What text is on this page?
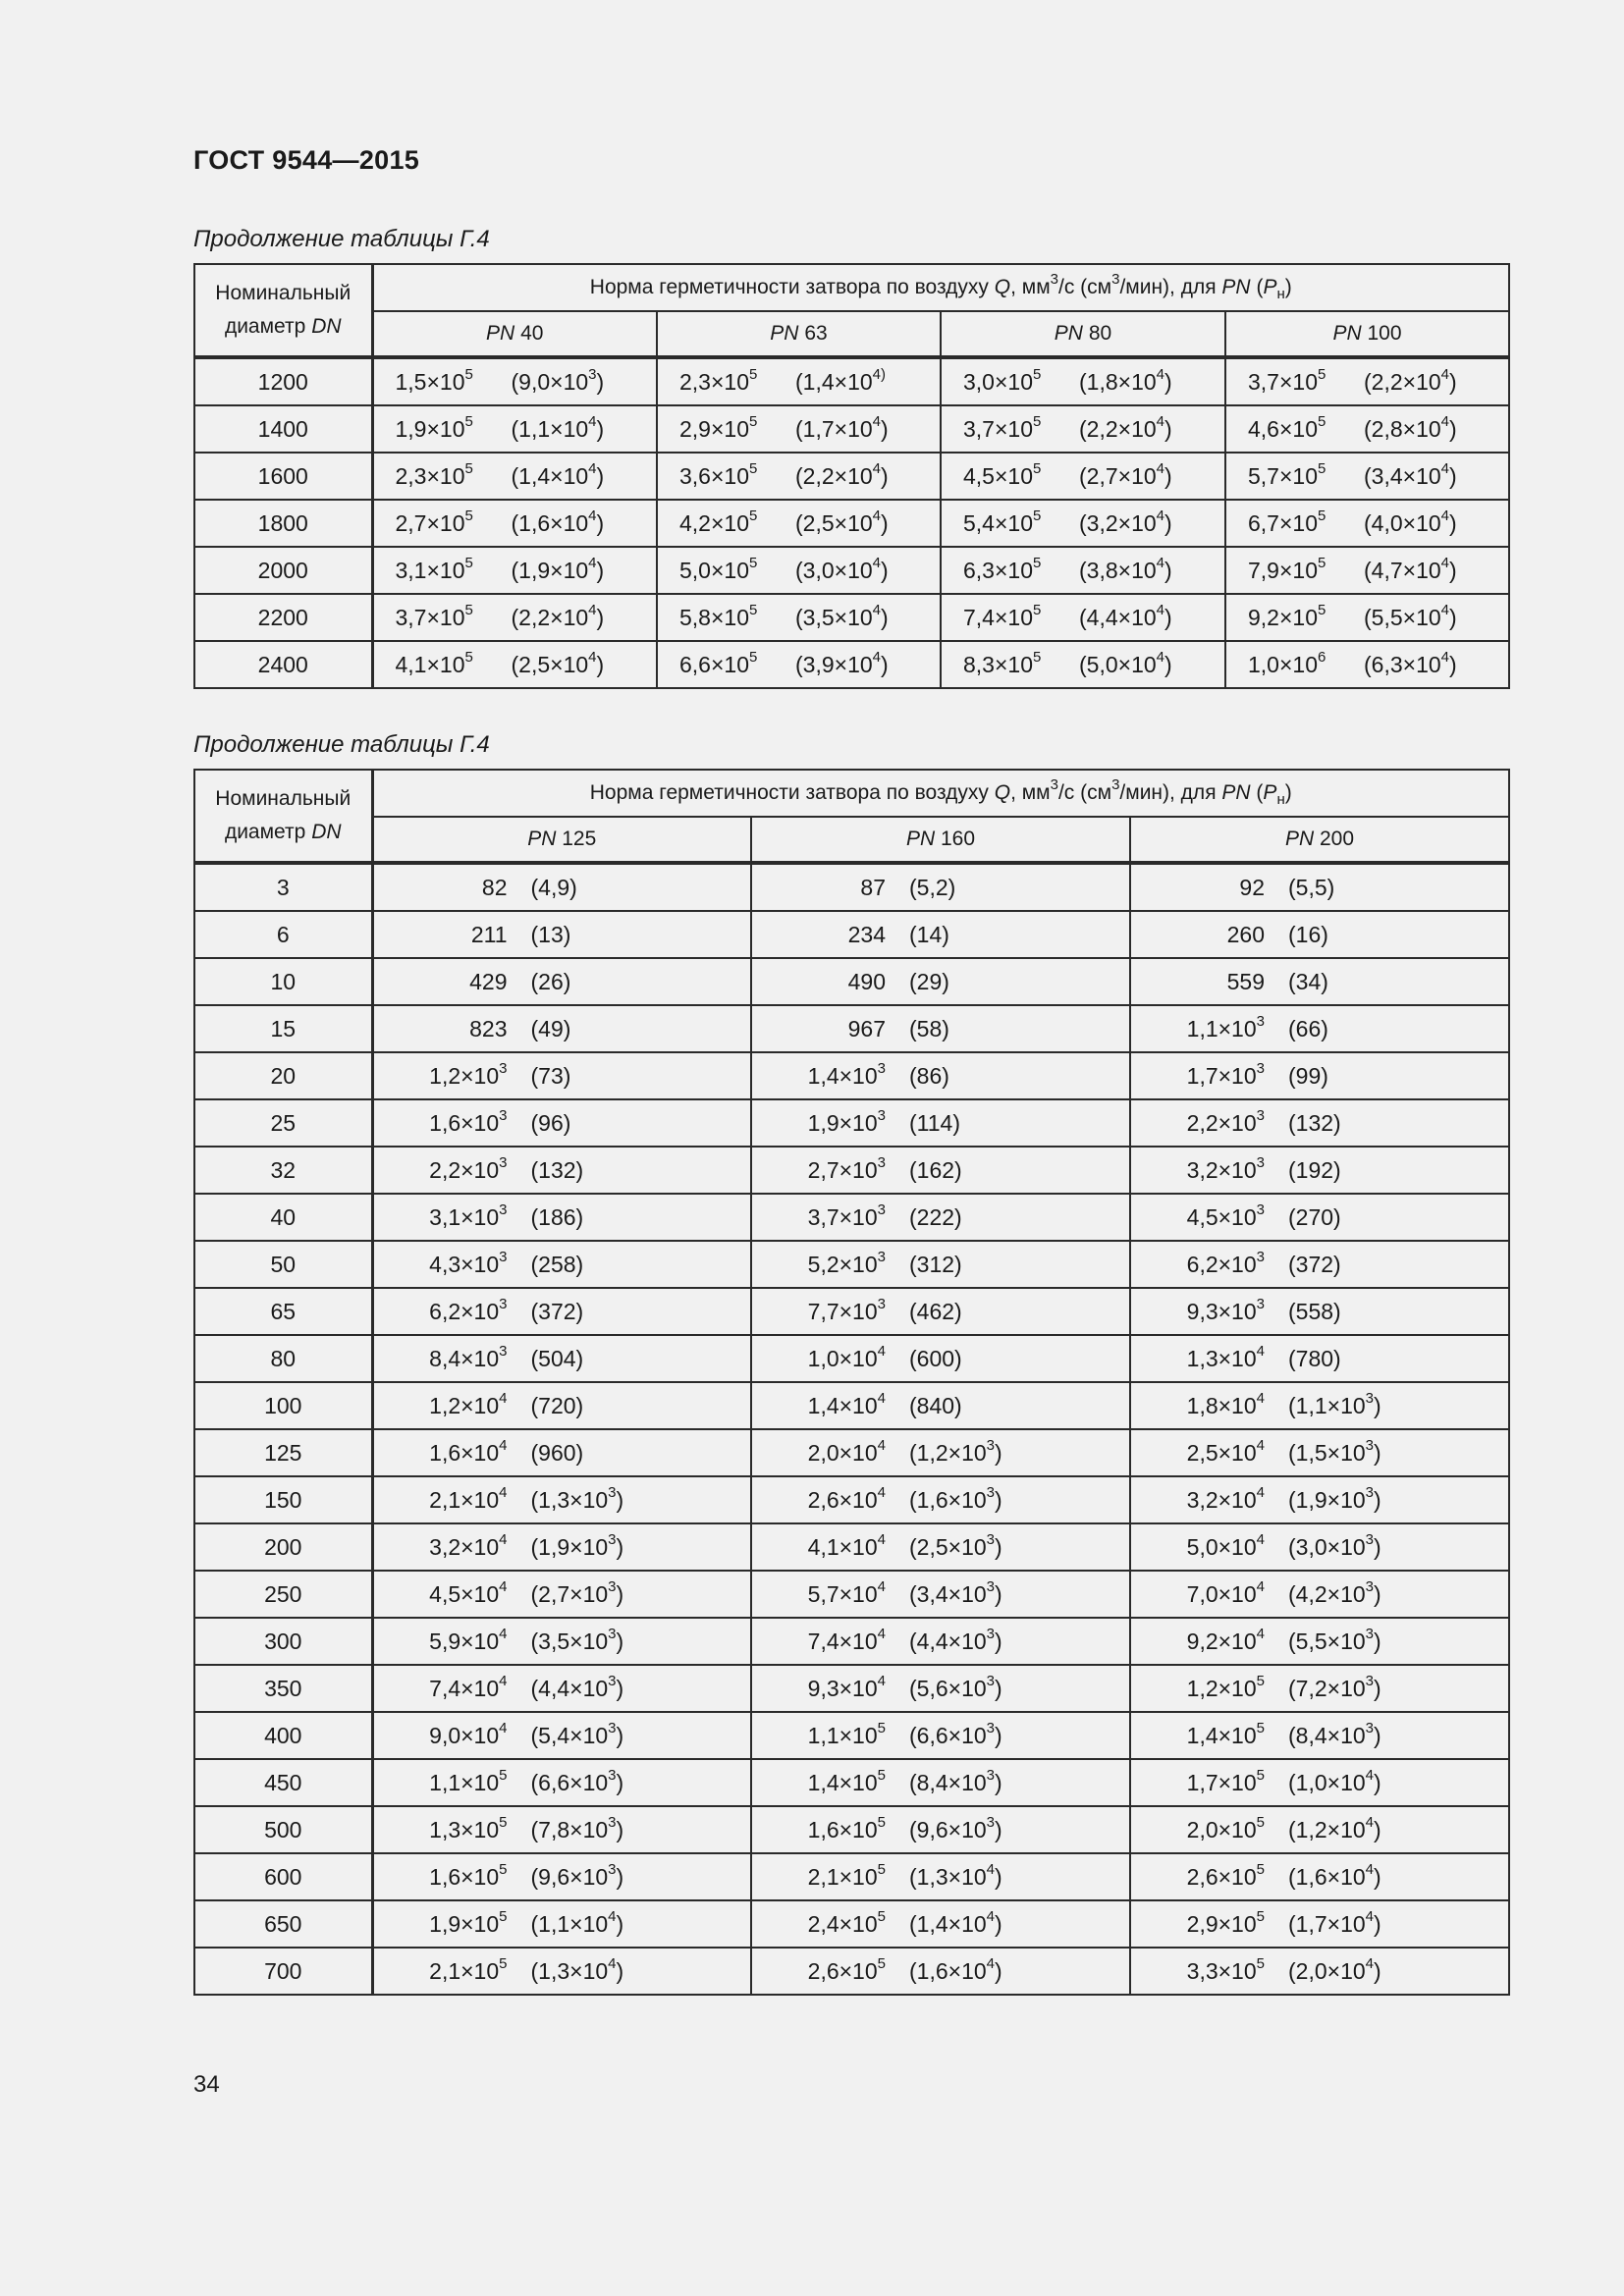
ГОСТ 9544—2015
Продолжение таблицы Г.4
Номинальный
диаметр DN	Норма герметичности затвора по воздуху Q, $мм^3/с$ $(см^3/мин)$, для PN $(P_н)$			
	PN 40	PN 63	PN 80	PN 100
1200	$1,5\times 10^5$ $(9,0\times 10^3)$	$2,3\times 10^5$ ($1,4\times 10^{4)}$	$3,0\times 10^5$ $(1,8\times 10^4)$	$3,7\times 10^5$ $(2,2\times 10^4)$

1400	$1,9\times 10^5$ $(1,1\times 10^4)$	$2,9\times 10^5$ $(1,7\times 10^4)$	$3,7\times 10^5$ $(2,2\times 10^4)$	$4,6\times 10^5$ $(2,8\times 10^4)$

1600	$2,3\times 10^5$ $(1,4\times 10^4)$	$3,6\times 10^5$ $(2,2\times 10^4)$	$4,5\times 10^5$ $(2,7\times 10^4)$	$5,7\times 10^5$ $(3,4\times 10^4)$

1800	$2,7\times 10^5$ $(1,6\times 10^4)$	$4,2\times 10^5$ $(2,5\times 10^4)$	$5,4\times 10^5$ $(3,2\times 10^4)$	$6,7\times 10^5$ $(4,0\times 10^4)$

2000	$3,1\times 10^5$ $(1,9\times 10^4)$	$5,0\times 10^5$ $(3,0\times 10^4)$	$6,3\times 10^5$ $(3,8\times 10^4)$	$7,9\times 10^5$ $(4,7\times 10^4)$

2200	$3,7\times 10^5$ $(2,2\times 10^4)$	$5,8\times 10^5$ $(3,5\times 10^4)$	$7,4\times 10^5$ $(4,4\times 10^4)$	$9,2\times 10^5$ $(5,5\times 10^4)$

2400	$4,1\times 10^5$ $(2,5\times 10^4)$	$6,6\times 10^5$ $(3,9\times 10^4)$	$8,3\times 10^5$ $(5,0\times 10^4)$	$1,0\times 10^6$ $(6,3\times 10^4)$
Продолжение таблицы Г.4
Номинальный
диаметр DN	Норма герметичности затвора по воздуху Q, $мм^3/с$ $(см^3/мин)$, для PN $(P_н)$		
	PN 125	PN 160	PN 200
3	82 (4,9)	87 (5,2)	92 (5,5)

6	211 (13)	234 (14)	260 (16)

10	429 (26)	490 (29)	559 (34)

15	823 (49)	967 (58)	$1,1\times 10^3$ (66)

20	$1,2\times 10^3$ (73)	$1,4\times 10^3$ (86)	$1,7\times 10^3$ (99)

25	$1,6\times 10^3$ (96)	$1,9\times 10^3$ (114)	$2,2\times 10^3$ (132)

32	$2,2\times 10^3$ (132)	$2,7\times 10^3$ (162)	$3,2\times 10^3$ (192)

40	$3,1\times 10^3$ (186)	$3,7\times 10^3$ (222)	$4,5\times 10^3$ (270)

50	$4,3\times 10^3$ (258)	$5,2\times 10^3$ (312)	$6,2\times 10^3$ (372)

65	$6,2\times 10^3$ (372)	$7,7\times 10^3$ (462)	$9,3\times 10^3$ (558)

80	$8,4\times 10^3$ (504)	$1,0\times 10^4$ (600)	$1,3\times 10^4$ (780)

100	$1,2\times 10^4$ (720)	$1,4\times 10^4$ (840)	$1,8\times 10^4$ $(1,1\times 10^3)$

125	$1,6\times 10^4$ (960)	$2,0\times 10^4$ $(1,2\times 10^3)$	$2,5\times 10^4$ $(1,5\times 10^3)$

150	$2,1\times 10^4$ $(1,3\times 10^3)$	$2,6\times 10^4$ $(1,6\times 10^3)$	$3,2\times 10^4$ $(1,9\times 10^3)$

200	$3,2\times 10^4$ $(1,9\times 10^3)$	$4,1\times 10^4$ $(2,5\times 10^3)$	$5,0\times 10^4$ $(3,0\times 10^3)$

250	$4,5\times 10^4$ $(2,7\times 10^3)$	$5,7\times 10^4$ $(3,4\times 10^3)$	$7,0\times 10^4$ $(4,2\times 10^3)$

300	$5,9\times 10^4$ $(3,5\times 10^3)$	$7,4\times 10^4$ $(4,4\times 10^3)$	$9,2\times 10^4$ $(5,5\times 10^3)$

350	$7,4\times 10^4$ $(4,4\times 10^3)$	$9,3\times 10^4$ $(5,6\times 10^3)$	$1,2\times 10^5$ $(7,2\times 10^3)$

400	$9,0\times 10^4$ $(5,4\times 10^3)$	$1,1\times 10^5$ $(6,6\times 10^3)$	$1,4\times 10^5$ $(8,4\times 10^3)$

450	$1,1\times 10^5$ $(6,6\times 10^3)$	$1,4\times 10^5$ $(8,4\times 10^3)$	$1,7\times 10^5$ $(1,0\times 10^4)$

500	$1,3\times 10^5$ $(7,8\times 10^3)$	$1,6\times 10^5$ $(9,6\times 10^3)$	$2,0\times 10^5$ $(1,2\times 10^4)$

600	$1,6\times 10^5$ $(9,6\times 10^3)$	$2,1\times 10^5$ $(1,3\times 10^4)$	$2,6\times 10^5$ $(1,6\times 10^4)$

650	$1,9\times 10^5$ $(1,1\times 10^4)$	$2,4\times 10^5$ $(1,4\times 10^4)$	$2,9\times 10^5$ $(1,7\times 10^4)$

700	$2,1\times 10^5$ $(1,3\times 10^4)$	$2,6\times 10^5$ $(1,6\times 10^4)$	$3,3\times 10^5$ $(2,0\times 10^4)$
34
